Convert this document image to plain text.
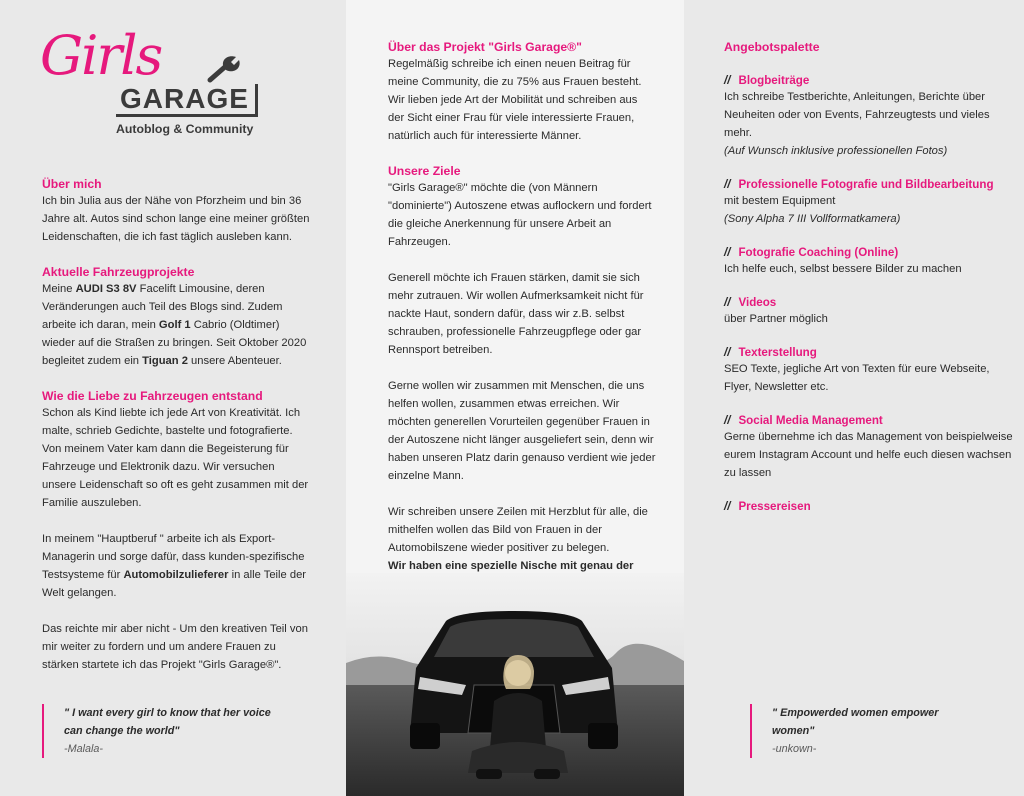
Girls
GARAGE
Autoblog & Community
Über mich

Ich bin Julia aus der Nähe von Pforzheim und bin 36 Jahre alt. Autos sind schon lange eine meiner größten Leidenschaften, die ich fast täglich ausleben kann.

Aktuelle Fahrzeugprojekte

Meine AUDI S3 8V Facelift Limousine, deren Veränderungen auch Teil des Blogs sind. Zudem arbeite ich daran, mein Golf 1 Cabrio (Oldtimer) wieder auf die Straßen zu bringen. Seit Oktober 2020 begleitet zudem ein Tiguan 2 unsere Abenteuer.

Wie die Liebe zu Fahrzeugen entstand

Schon als Kind liebte ich jede Art von Kreativität. Ich malte, schrieb Gedichte, bastelte und fotografierte. Von meinem Vater kam dann die Begeisterung für Fahrzeuge und Elektronik dazu. Wir versuchen unsere Leidenschaft so oft es geht zusammen mit der Familie auszuleben.

In meinem "Hauptberuf " arbeite ich als Export-Managerin und sorge dafür, dass kunden-spezifische Testsysteme für Automobilzulieferer in alle Teile der Welt gelangen.

Das reichte mir aber nicht - Um den kreativen Teil von mir weiter zu fordern und um andere Frauen zu stärken startete ich das Projekt "Girls Garage®".

" I want every girl to know that her voice can change the world"

-Malala-

Über das Projekt "Girls Garage®"

Regelmäßig schreibe ich einen neuen Beitrag für meine Community, die zu 75% aus Frauen besteht. Wir lieben jede Art der Mobilität und schreiben aus der Sicht einer Frau für viele interessierte Frauen, natürlich auch für interessierte Männer.

Unsere Ziele

"Girls Garage®" möchte die (von Männern "dominierte") Autoszene etwas auflockern und fordert die gleiche Anerkennung für unsere Arbeit an Fahrzeugen.

Generell möchte ich Frauen stärken, damit sie sich mehr zutrauen. Wir wollen Aufmerksamkeit nicht für nackte Haut, sondern dafür, dass wir z.B. selbst schrauben, professionelle Fahrzeugpflege oder gar Rennsport betreiben.

Gerne wollen wir zusammen mit Menschen, die uns helfen wollen, zusammen etwas erreichen. Wir möchten generellen Vorurteilen gegenüber Frauen in der Autoszene nicht länger ausgeliefert sein, denn wir haben unseren Platz darin genauso verdient wie jeder einzelne Mann.

Wir schreiben unsere Zeilen mit Herzblut für alle, die mithelfen wollen das Bild von Frauen in der Automobilszene wieder positiver zu belegen.

Wir haben eine spezielle Nische mit genau der

Angebotspalette
// Blogbeiträge

Ich schreibe Testberichte, Anleitungen, Berichte über Neuheiten oder von Events, Fahrzeugtests und vieles mehr.

(Auf Wunsch inklusive professionellen Fotos)

// Professionelle Fotografie und Bildbearbeitung

mit bestem Equipment

(Sony Alpha 7 III Vollformatkamera)

// Fotografie Coaching (Online)

Ich helfe euch, selbst bessere Bilder zu machen

// Videos

über Partner möglich

// Texterstellung

SEO Texte, jegliche Art von Texten für eure Webseite, Flyer, Newsletter etc.

// Social Media Management

Gerne übernehme ich das Management von beispielweise eurem Instagram Account und helfe euch diesen wachsen zu lassen

// Pressereisen

" Empowerded women empower women"

-unkown-
